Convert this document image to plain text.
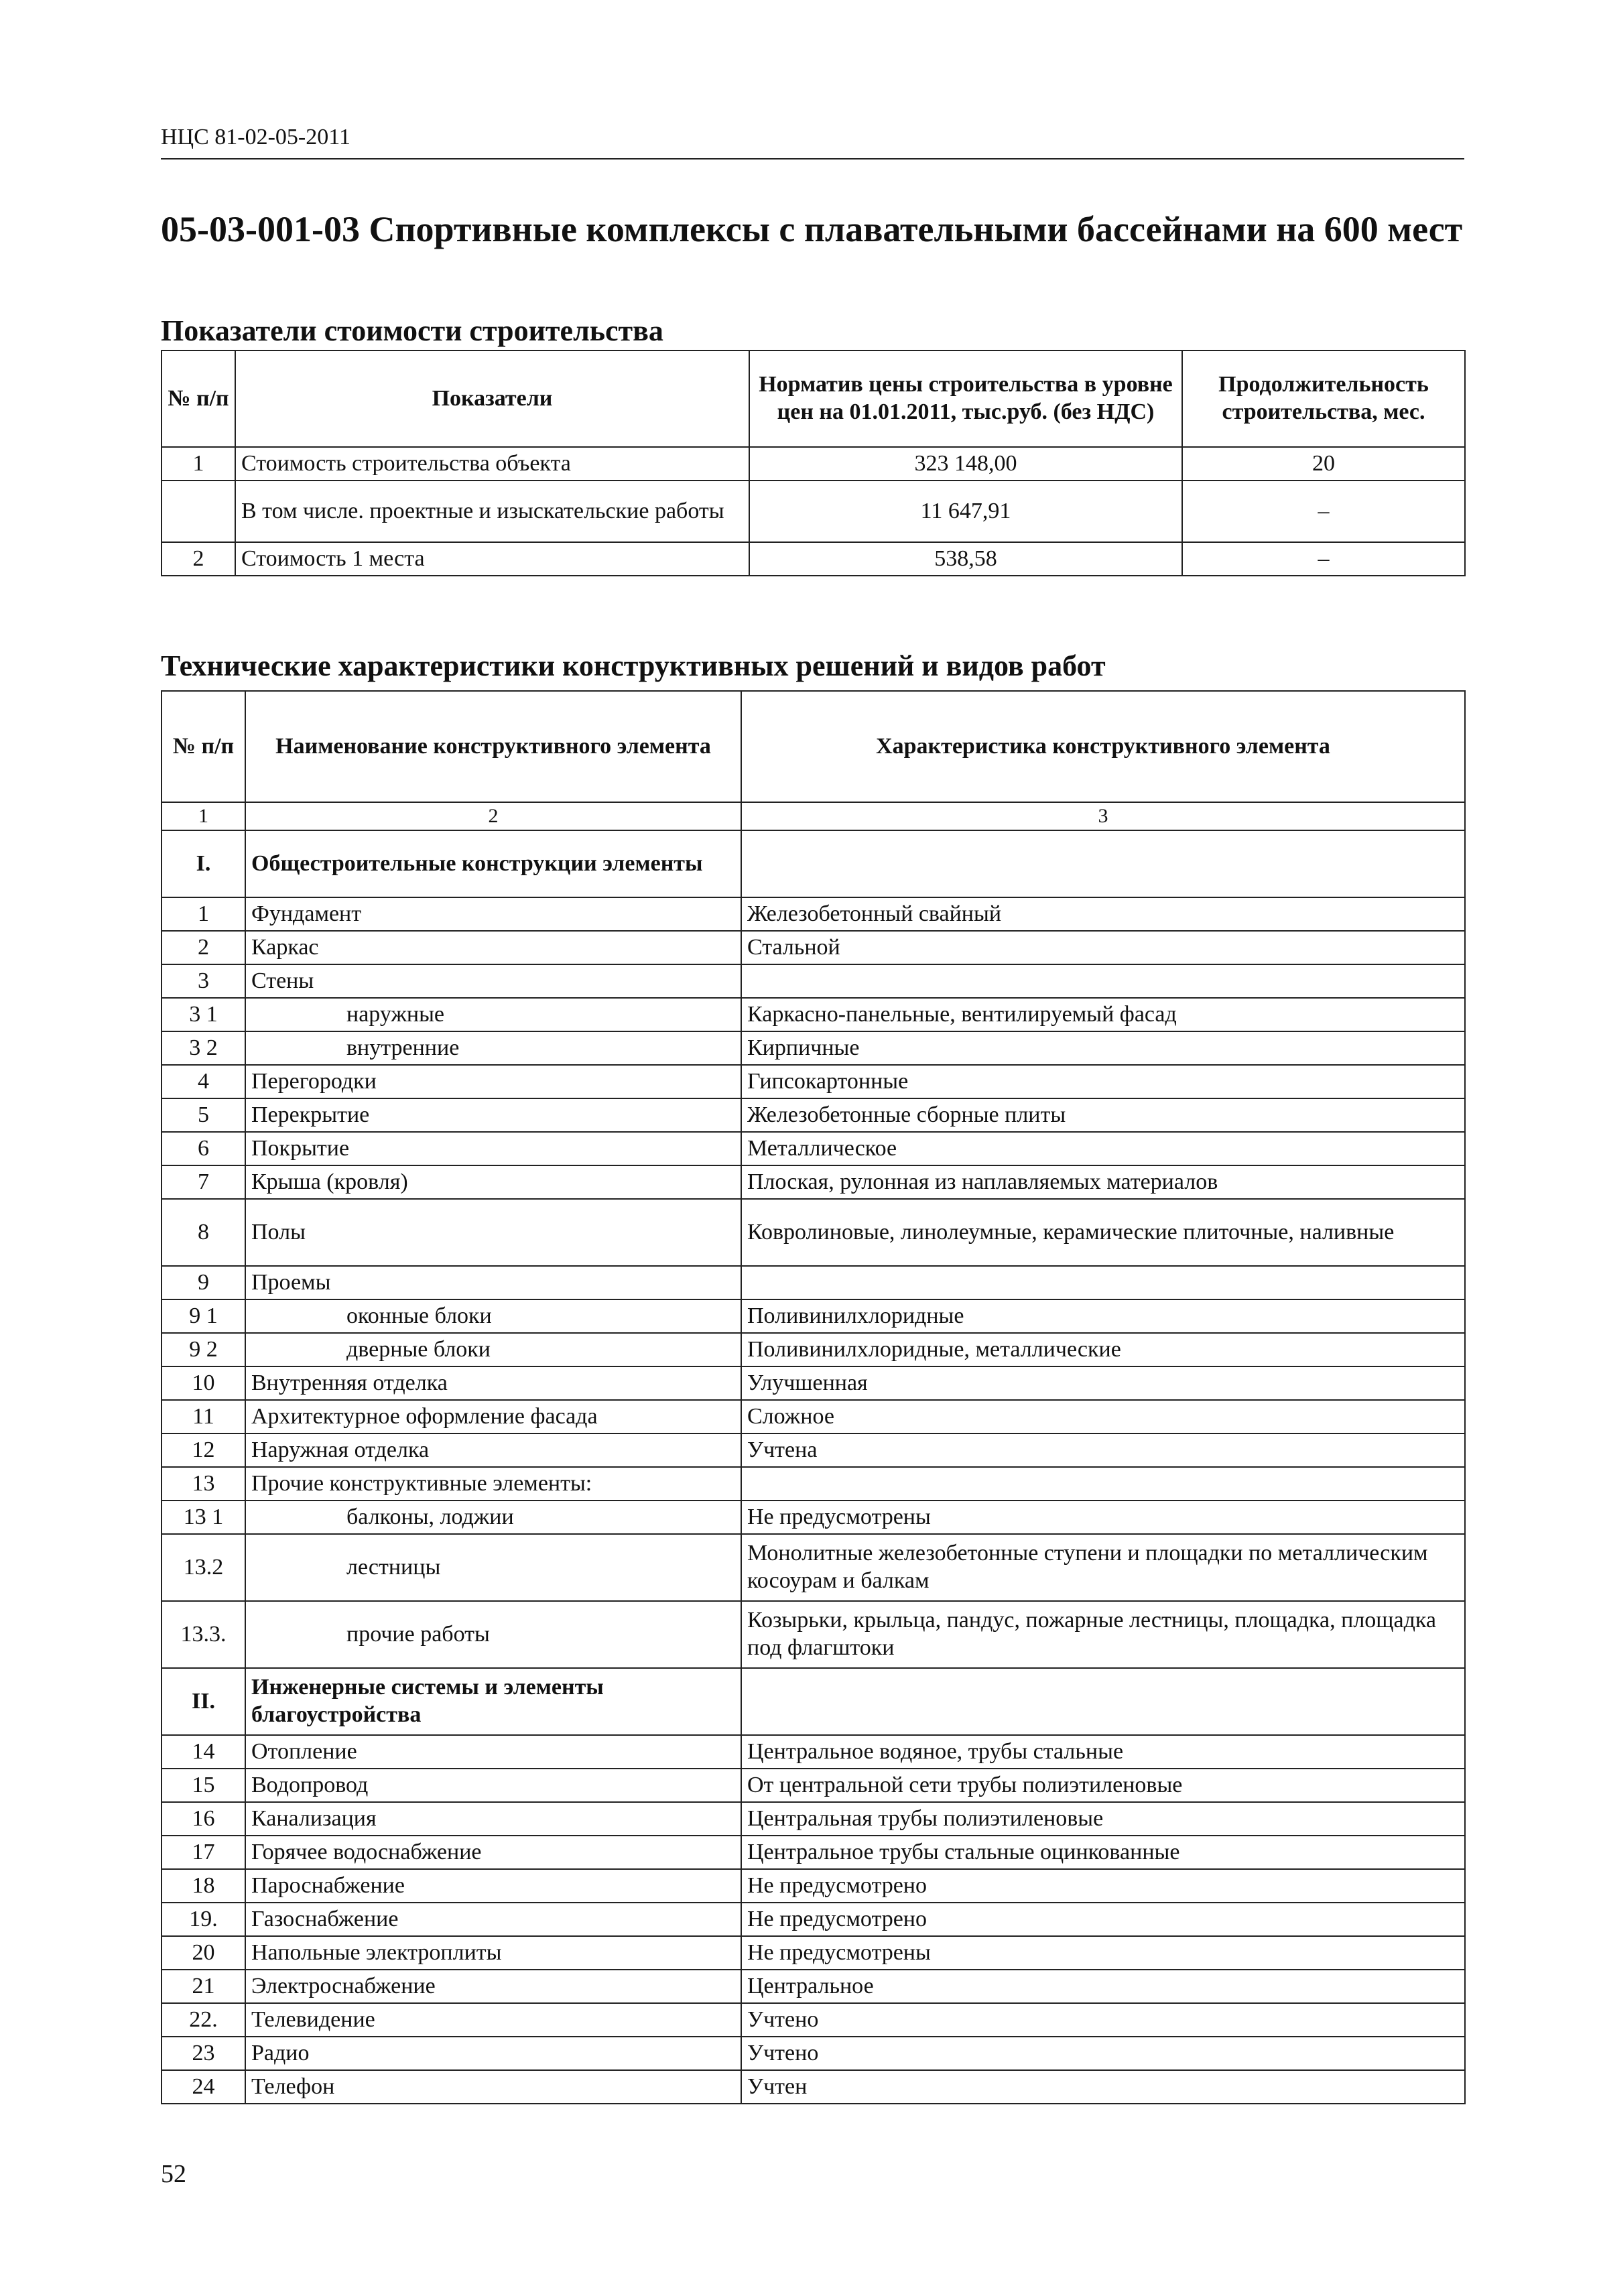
НЦС 81-02-05-2011
05-03-001-03 Спортивные комплексы с плавательными бассейнами на 600 мест
Показатели стоимости строительства
№ п/п	Показатели	Норматив цены строительства в уровне цен на 01.01.2011, тыс.руб. (без НДС)	Продолжительность строительства, мес.
1	Стоимость строительства объекта	323 148,00	20
	В том числе. проектные и изыскательские работы	11 647,91	–
2	Стоимость 1 места	538,58	–
Технические характеристики конструктивных решений и видов работ
№ п/п	Наименование конструктивного элемента	Характеристика конструктивного элемента
1	2	3
I.	Общестроительные конструкции элементы	
1	Фундамент	Железобетонный свайный
2	Каркас	Стальной
3	Стены	
3 1	наружные	Каркасно-панельные, вентилируемый фасад
3 2	внутренние	Кирпичные
4	Перегородки	Гипсокартонные
5	Перекрытие	Железобетонные сборные плиты
6	Покрытие	Металлическое
7	Крыша (кровля)	Плоская, рулонная из наплавляемых материалов
8	Полы	Ковролиновые, линолеумные, керамические плиточные, наливные
9	Проемы	
9 1	оконные блоки	Поливинилхлоридные
9 2	дверные блоки	Поливинилхлоридные, металлические
10	Внутренняя отделка	Улучшенная
11	Архитектурное оформление фасада	Сложное
12	Наружная отделка	Учтена
13	Прочие конструктивные элементы:	
13 1	балконы, лоджии	Не предусмотрены
13.2	лестницы	Монолитные железобетонные ступени и площадки по металлическим косоурам и балкам
13.3.	прочие работы	Козырьки, крыльца, пандус, пожарные лестницы, площадка, площадка под флагштоки
II.	Инженерные системы и элементы благоустройства	
14	Отопление	Центральное водяное, трубы стальные
15	Водопровод	От центральной сети трубы полиэтиленовые
16	Канализация	Центральная трубы полиэтиленовые
17	Горячее водоснабжение	Центральное трубы стальные оцинкованные
18	Пароснабжение	Не предусмотрено
19.	Газоснабжение	Не предусмотрено
20	Напольные электроплиты	Не предусмотрены
21	Электроснабжение	Центральное
22.	Телевидение	Учтено
23	Радио	Учтено
24	Телефон	Учтен
52
